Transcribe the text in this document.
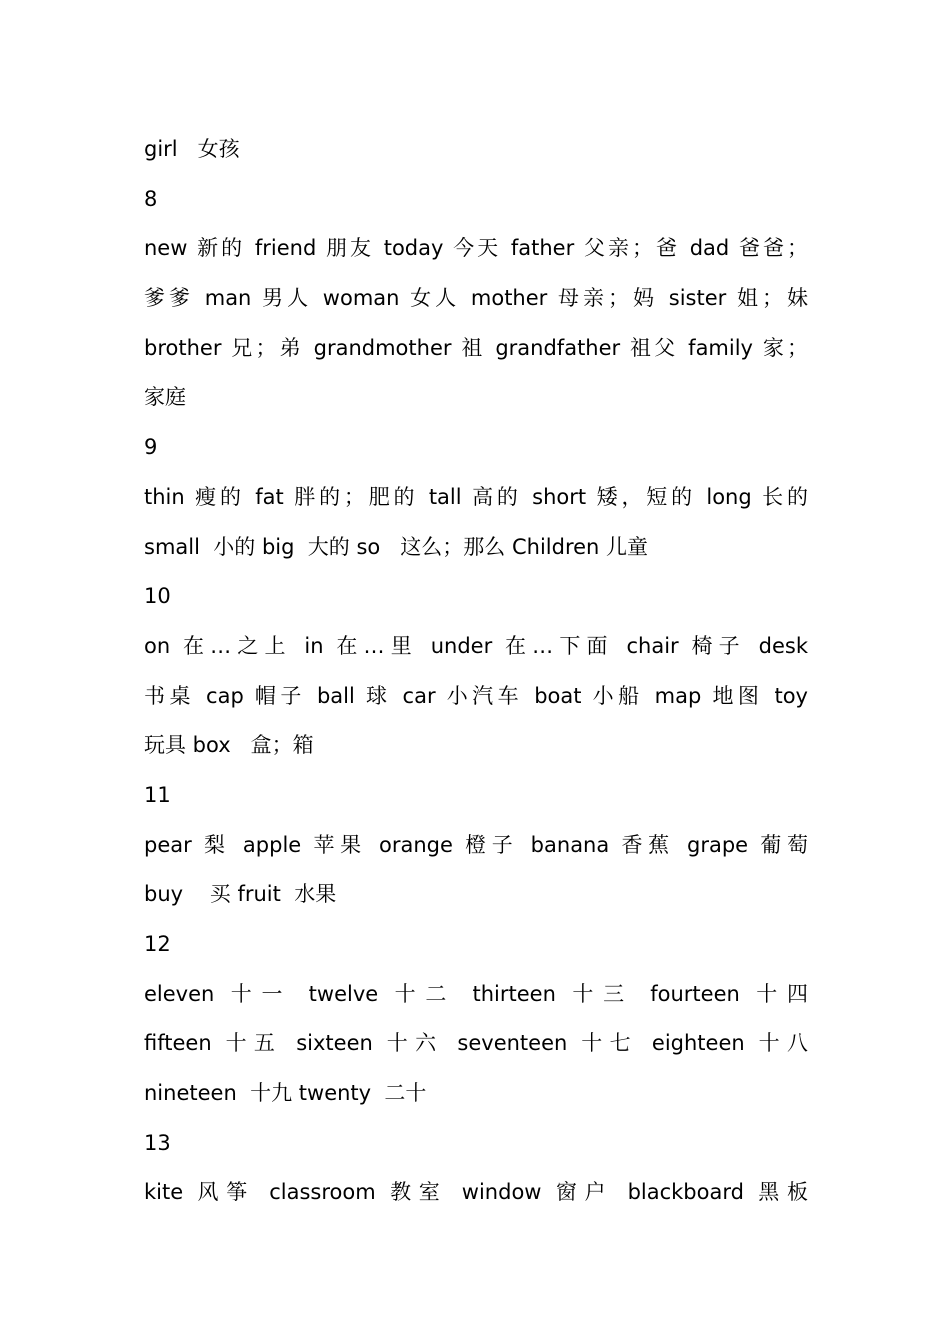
girl   女孩
8
new 新的 friend 朋友 today 今天 father 父亲；爸 dad 爸爸；
爹爹 man 男人 woman 女人 mother 母亲；妈 sister 姐；妹
brother 兄；弟 grandmother 祖 grandfather 祖父 family 家；
家庭
9
thin 瘦的 fat 胖的；肥的 tall 高的 short 矮，短的 long 长的
small  小的 big  大的 so   这么；那么 Children 儿童
10
on 在…之上 in 在…里 under 在…下面 chair 椅子 desk
书桌 cap 帽子 ball 球 car 小汽车 boat 小船 map 地图 toy
玩具 box   盒；箱
11
pear 梨 apple 苹果 orange 橙子 banana 香蕉 grape 葡萄
buy    买 fruit  水果
12
eleven 十一 twelve 十二 thirteen 十三 fourteen 十四
fifteen 十五 sixteen 十六 seventeen 十七 eighteen 十八
nineteen  十九 twenty  二十
13
kite 风筝 classroom 教室 window 窗户 blackboard 黑板
